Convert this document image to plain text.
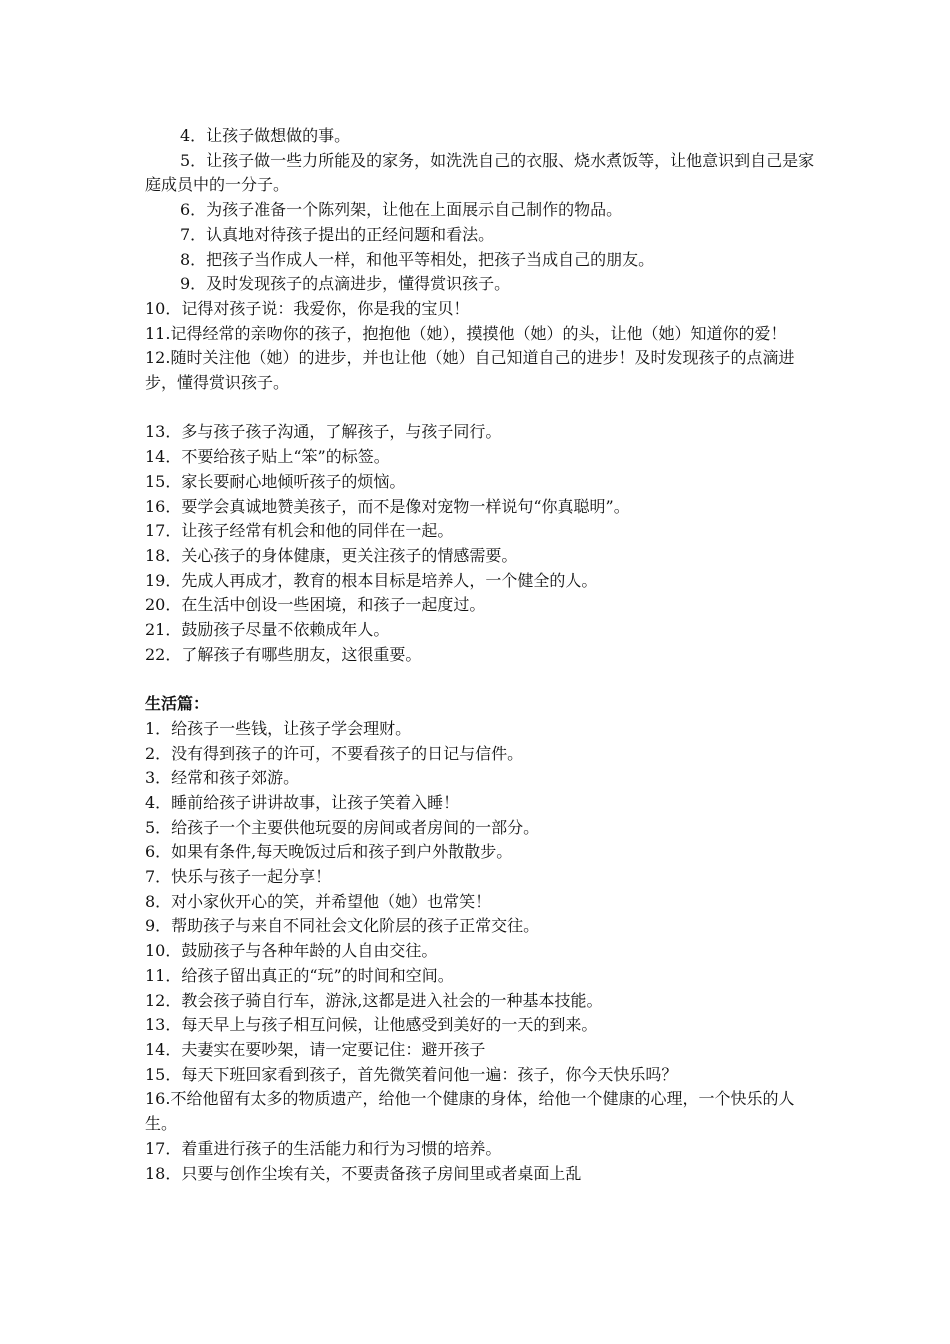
4．让孩子做想做的事。
5．让孩子做一些力所能及的家务，如洗洗自己的衣服、烧水煮饭等，让他意识到自己是家庭成员中的一分子。
6．为孩子准备一个陈列架，让他在上面展示自己制作的物品。
7．认真地对待孩子提出的正经问题和看法。
8．把孩子当作成人一样，和他平等相处，把孩子当成自己的朋友。
9．及时发现孩子的点滴进步，懂得赏识孩子。
10．记得对孩子说：我爱你，你是我的宝贝！
11.记得经常的亲吻你的孩子，抱抱他（她），摸摸他（她）的头，让他（她）知道你的爱！
12.随时关注他（她）的进步，并也让他（她）自己知道自己的进步！及时发现孩子的点滴进步，懂得赏识孩子。
13．多与孩子孩子沟通，了解孩子，与孩子同行。
14．不要给孩子贴上“笨”的标签。
15．家长要耐心地倾听孩子的烦恼。
16．要学会真诚地赞美孩子，而不是像对宠物一样说句“你真聪明”。
17．让孩子经常有机会和他的同伴在一起。
18．关心孩子的身体健康，更关注孩子的情感需要。
19．先成人再成才，教育的根本目标是培养人，一个健全的人。
20．在生活中创设一些困境，和孩子一起度过。
21．鼓励孩子尽量不依赖成年人。
22．了解孩子有哪些朋友，这很重要。
生活篇：
1．给孩子一些钱，让孩子学会理财。
2．没有得到孩子的许可，不要看孩子的日记与信件。
3．经常和孩子郊游。
4．睡前给孩子讲讲故事，让孩子笑着入睡！
5．给孩子一个主要供他玩耍的房间或者房间的一部分。
6．如果有条件,每天晚饭过后和孩子到户外散散步。
7．快乐与孩子一起分享！
8．对小家伙开心的笑，并希望他（她）也常笑！
9．帮助孩子与来自不同社会文化阶层的孩子正常交往。
10．鼓励孩子与各种年龄的人自由交往。
11．给孩子留出真正的“玩”的时间和空间。
12．教会孩子骑自行车，游泳,这都是进入社会的一种基本技能。
13．每天早上与孩子相互问候，让他感受到美好的一天的到来。
14．夫妻实在要吵架，请一定要记住：避开孩子
15．每天下班回家看到孩子，首先微笑着问他一遍：孩子，你今天快乐吗？
16.不给他留有太多的物质遗产，给他一个健康的身体，给他一个健康的心理，一个快乐的人生。
17．着重进行孩子的生活能力和行为习惯的培养。
18．只要与创作尘埃有关，不要责备孩子房间里或者桌面上乱
